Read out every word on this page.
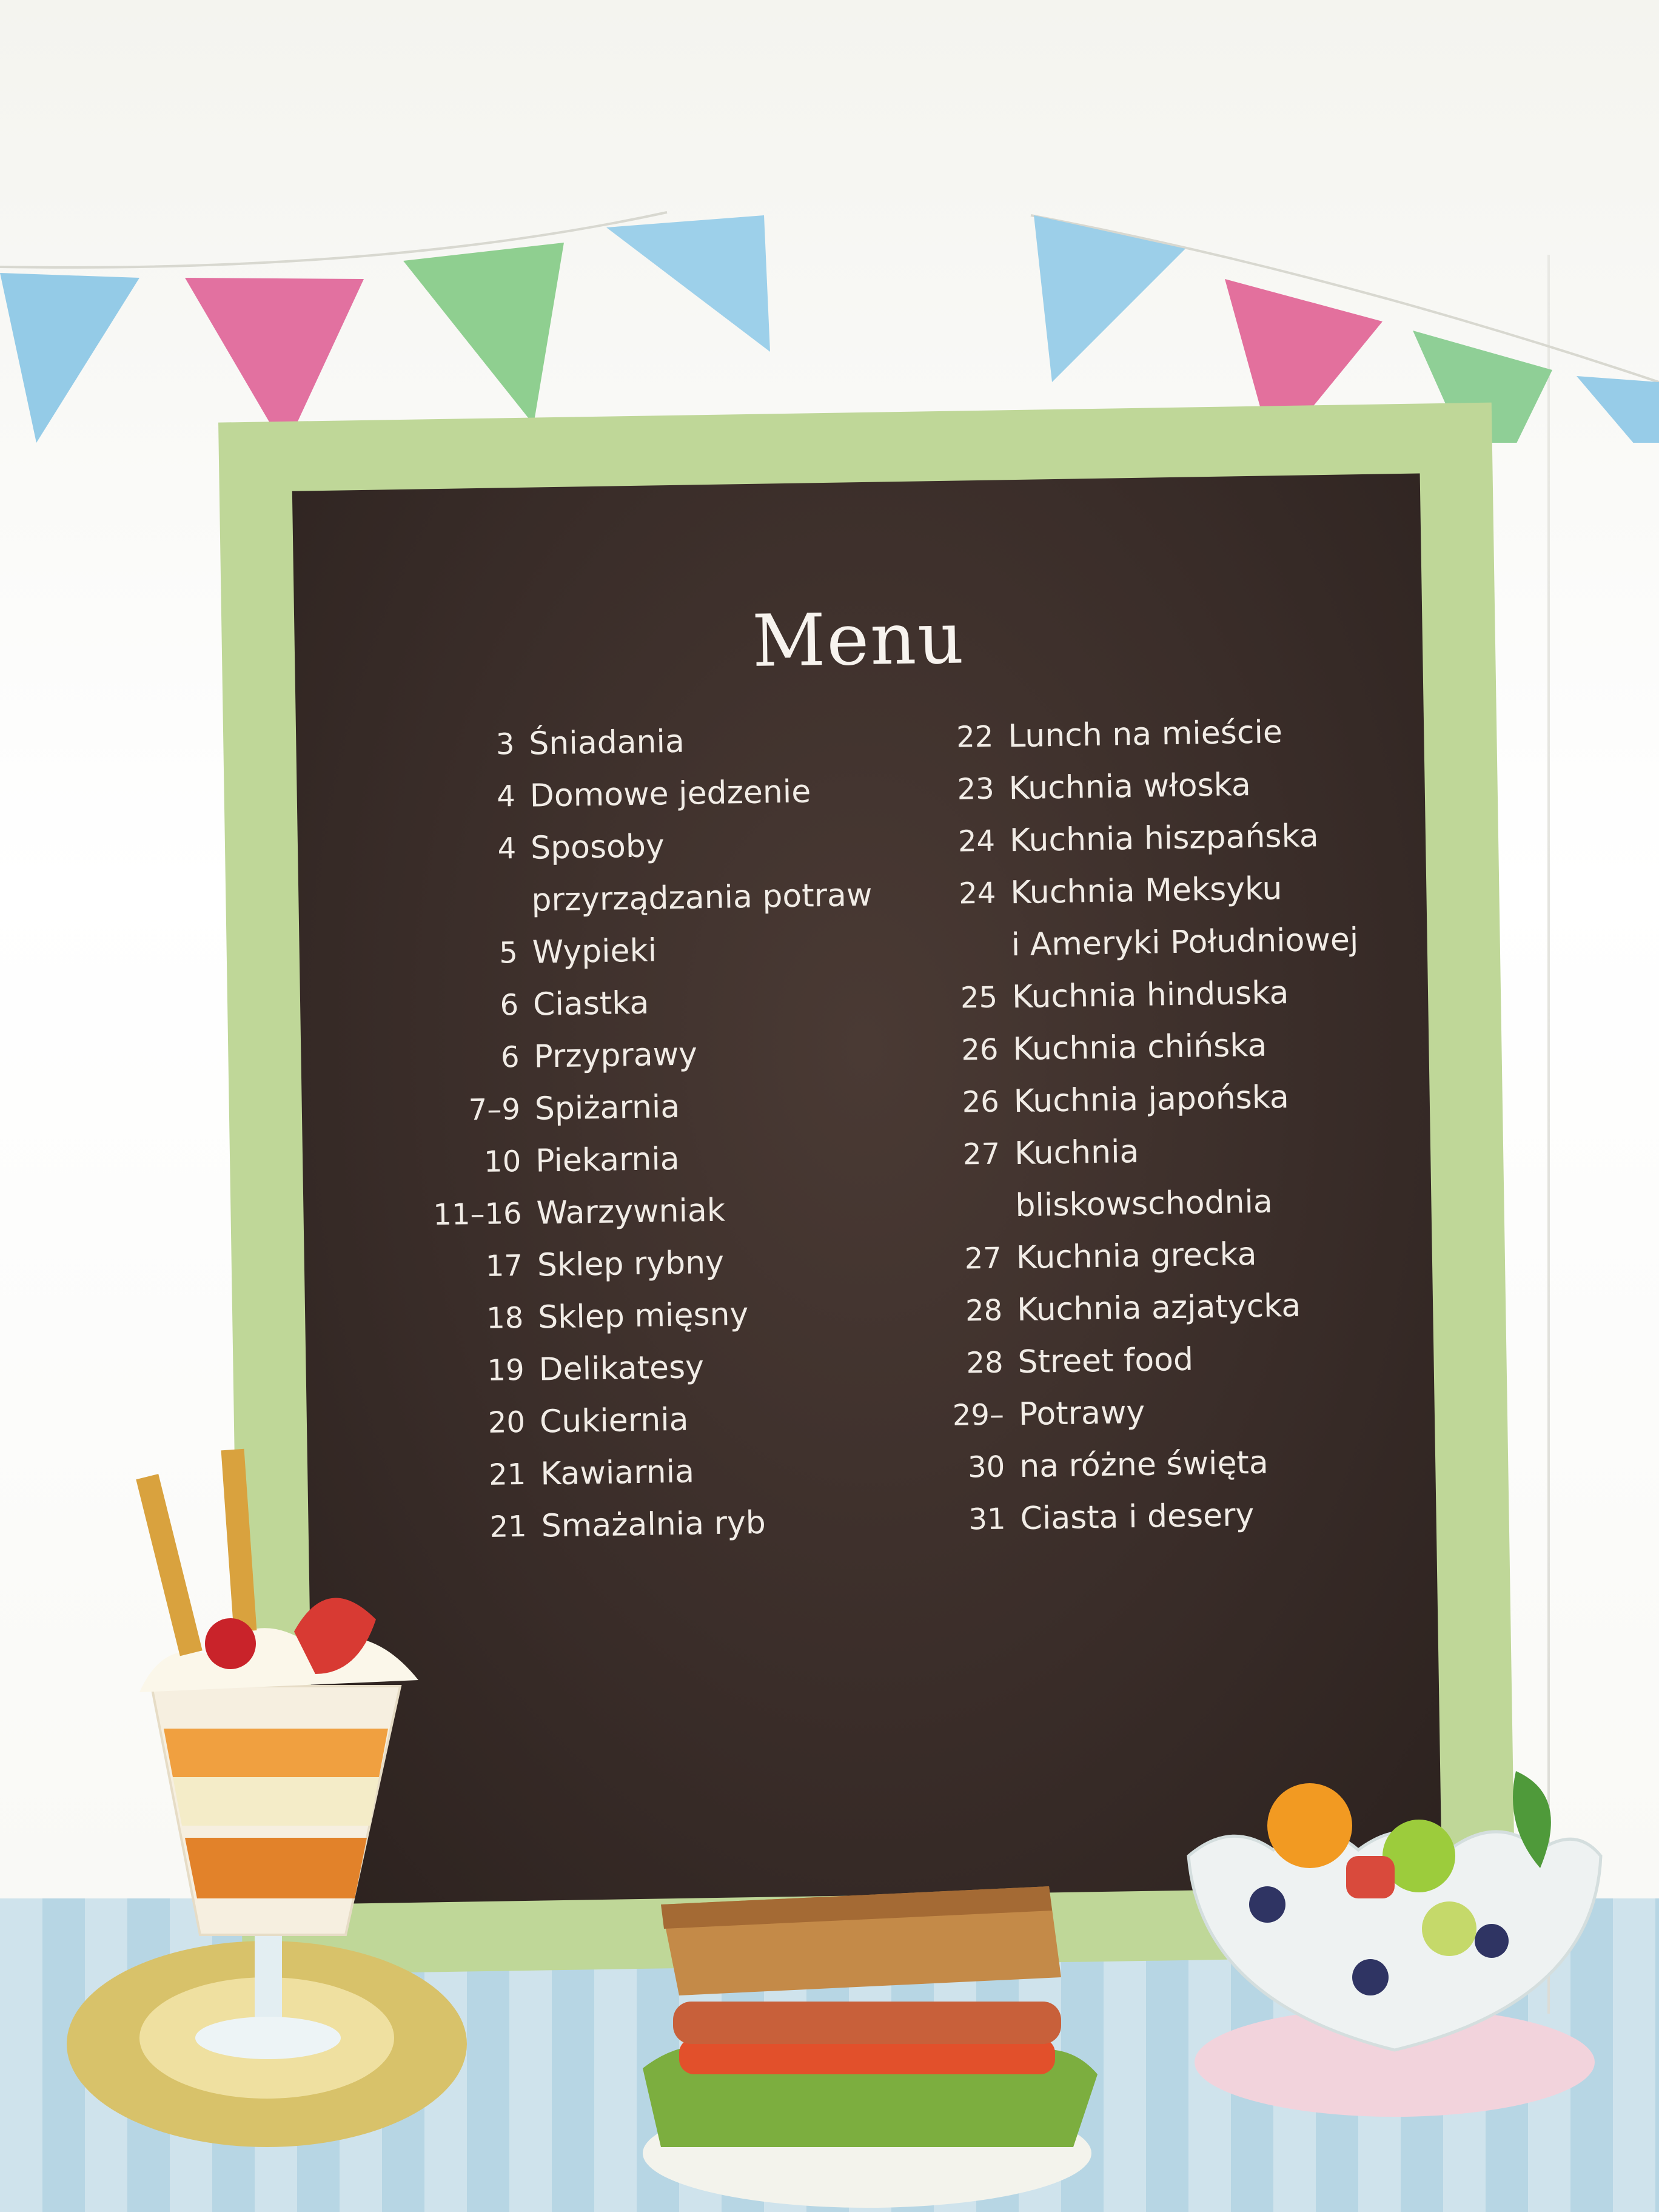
Menu
3 Śniadania
4 Domowe jedzenie
4 Sposoby
przyrządzania potraw
5 Wypieki
6 Ciastka
6 Przyprawy
7–9 Spiżarnia
10 Piekarnia
11–16 Warzywniak
17 Sklep rybny
18 Sklep mięsny
19 Delikatesy
20 Cukiernia
21 Kawiarnia
21 Smażalnia ryb
22 Lunch na mieście
23 Kuchnia włoska
24 Kuchnia hiszpańska
24 Kuchnia Meksyku
i Ameryki Południowej
25 Kuchnia hinduska
26 Kuchnia chińska
26 Kuchnia japońska
27 Kuchnia
bliskowschodnia
27 Kuchnia grecka
28 Kuchnia azjatycka
28 Street food
29–30
Potrawy
na różne święta
31 Ciasta i desery
